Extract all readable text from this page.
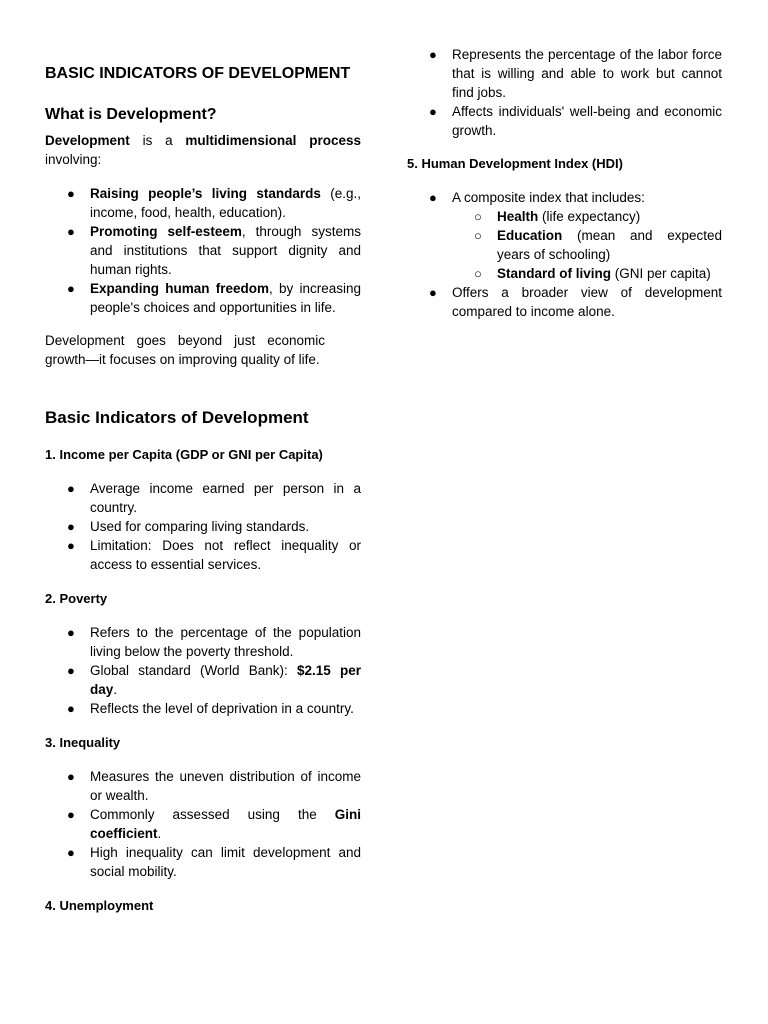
BASIC INDICATORS OF DEVELOPMENT
What is Development?
Development is a multidimensional process involving:
● Raising people’s living standards (e.g., income, food, health, education).
● Promoting self-esteem, through systems and institutions that support dignity and human rights.
● Expanding human freedom, by increasing people's choices and opportunities in life.
Development goes beyond just economic growth—it focuses on improving quality of life.
Basic Indicators of Development
1. Income per Capita (GDP or GNI per Capita)
● Average income earned per person in a country.
● Used for comparing living standards.
● Limitation: Does not reflect inequality or access to essential services.
2. Poverty
● Refers to the percentage of the population living below the poverty threshold.
● Global standard (World Bank): $2.15 per day.
● Reflects the level of deprivation in a country.
3. Inequality
● Measures the uneven distribution of income or wealth.
● Commonly assessed using the Gini coefficient.
● High inequality can limit development and social mobility.
4. Unemployment
● Represents the percentage of the labor force that is willing and able to work but cannot find jobs.
● Affects individuals' well-being and economic growth.
5. Human Development Index (HDI)
● A composite index that includes:
○ Health (life expectancy)
○ Education (mean and expected years of schooling)
○ Standard of living (GNI per capita)
● Offers a broader view of development compared to income alone.
